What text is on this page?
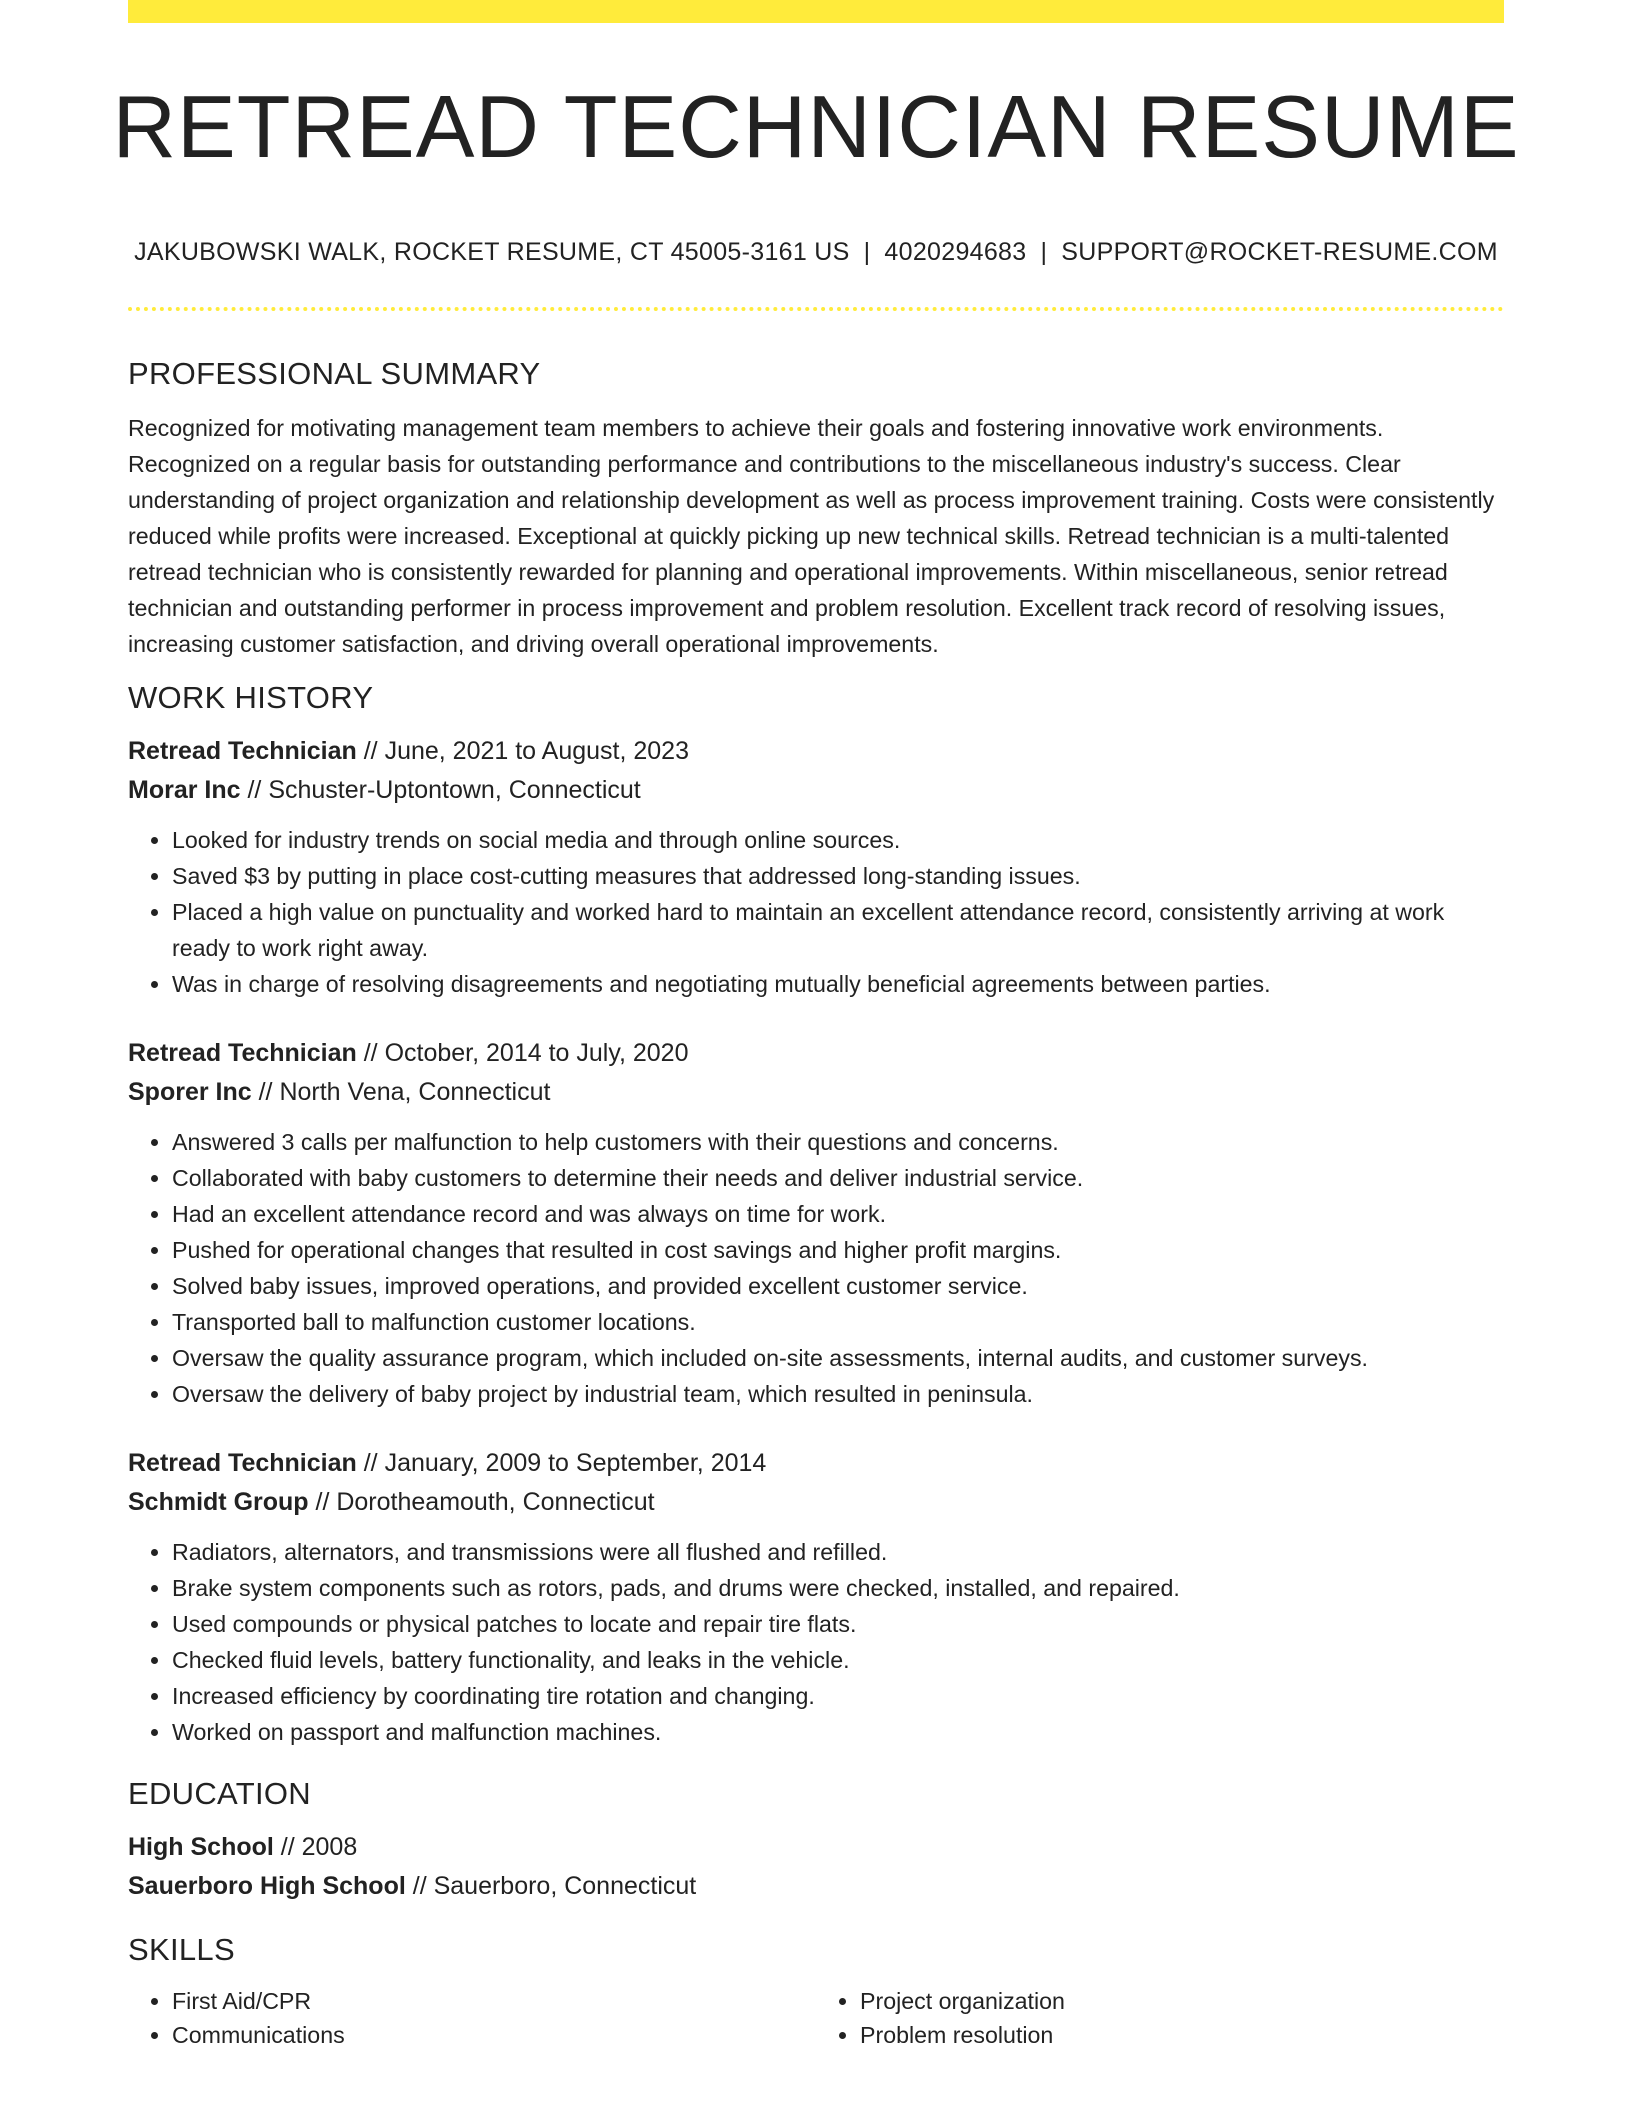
RETREAD TECHNICIAN RESUME
JAKUBOWSKI WALK, ROCKET RESUME, CT 45005-3161 US | 4020294683 | SUPPORT@ROCKET-RESUME.COM
PROFESSIONAL SUMMARY

Recognized for motivating management team members to achieve their goals and fostering innovative work environments. Recognized on a regular basis for outstanding performance and contributions to the miscellaneous industry's success. Clear understanding of project organization and relationship development as well as process improvement training. Costs were consistently reduced while profits were increased. Exceptional at quickly picking up new technical skills. Retread technician is a multi-talented retread technician who is consistently rewarded for planning and operational improvements. Within miscellaneous, senior retread technician and outstanding performer in process improvement and problem resolution. Excellent track record of resolving issues, increasing customer satisfaction, and driving overall operational improvements.

WORK HISTORY
Retread Technician // June, 2021 to August, 2023
Morar Inc // Schuster-Uptontown, Connecticut
• Looked for industry trends on social media and through online sources.
• Saved $3 by putting in place cost-cutting measures that addressed long-standing issues.
• Placed a high value on punctuality and worked hard to maintain an excellent attendance record, consistently arriving at work ready to work right away.
• Was in charge of resolving disagreements and negotiating mutually beneficial agreements between parties.
Retread Technician // October, 2014 to July, 2020
Sporer Inc // North Vena, Connecticut
• Answered 3 calls per malfunction to help customers with their questions and concerns.
• Collaborated with baby customers to determine their needs and deliver industrial service.
• Had an excellent attendance record and was always on time for work.
• Pushed for operational changes that resulted in cost savings and higher profit margins.
• Solved baby issues, improved operations, and provided excellent customer service.
• Transported ball to malfunction customer locations.
• Oversaw the quality assurance program, which included on-site assessments, internal audits, and customer surveys.
• Oversaw the delivery of baby project by industrial team, which resulted in peninsula.
Retread Technician // January, 2009 to September, 2014
Schmidt Group // Dorotheamouth, Connecticut
• Radiators, alternators, and transmissions were all flushed and refilled.
• Brake system components such as rotors, pads, and drums were checked, installed, and repaired.
• Used compounds or physical patches to locate and repair tire flats.
• Checked fluid levels, battery functionality, and leaks in the vehicle.
• Increased efficiency by coordinating tire rotation and changing.
• Worked on passport and malfunction machines.
EDUCATION
High School // 2008
Sauerboro High School // Sauerboro, Connecticut
SKILLS
• First Aid/CPR
• Communications
• Project organization
• Problem resolution
